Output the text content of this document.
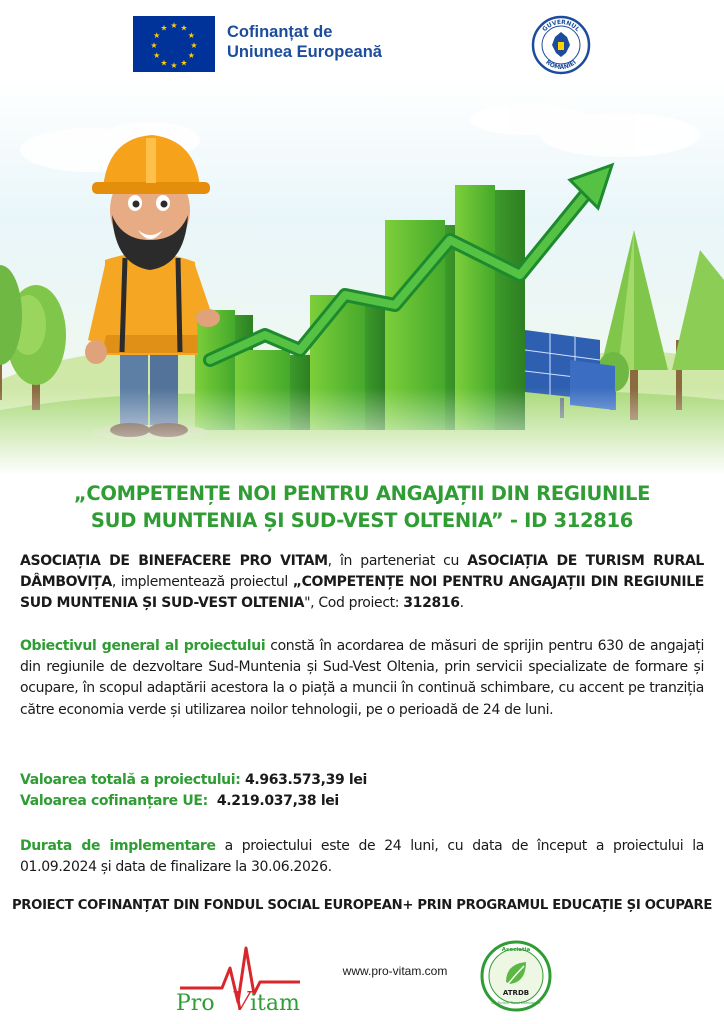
★ ★
★
★
★
★
★
★
★
★
★
★	Cofinanțat de
Uniunea Europeană
GUVERNUL
ROMÂNIEI
„COMPETENȚE NOI PENTRU ANGAJAȚII DIN REGIUNILE
SUD MUNTENIA ȘI SUD-VEST OLTENIA” - ID 312816
ASOCIAȚIA DE BINEFACERE PRO VITAM, în parteneriat cu ASOCIAȚIA DE TURISM RURAL DÂMBOVIȚA, implementează proiectul „COMPETENȚE NOI PENTRU ANGAJAȚII DIN REGIUNILE SUD MUNTENIA ȘI SUD-VEST OLTENIA", Cod proiect: 312816.
Obiectivul general al proiectului constă în acordarea de măsuri de sprijin pentru 630 de angajați din regiunile de dezvoltare Sud-Muntenia și Sud-Vest Oltenia, prin servicii specializate de formare și ocupare, în scopul adaptării acestora la o piață a muncii în continuă schimbare, cu accent pe tranziția către economia verde și utilizarea noilor tehnologii, pe o perioadă de 24 de luni.
Valoarea totală a proiectului: 4.963.573,39 lei
Valoarea cofinanțare UE:  4.219.037,38 lei
Durata de implementare a proiectului este de 24 luni, cu data de început a proiectului la 01.09.2024 și data de finalizare la 30.06.2026.
PROIECT COFINANȚAT DIN FONDUL SOCIAL EUROPEAN+ PRIN PROGRAMUL EDUCAȚIE ȘI OCUPARE
Pro V itam
www.pro-vitam.com
Asociatia
ATRDB
De Turism Rural Dâmbovița
